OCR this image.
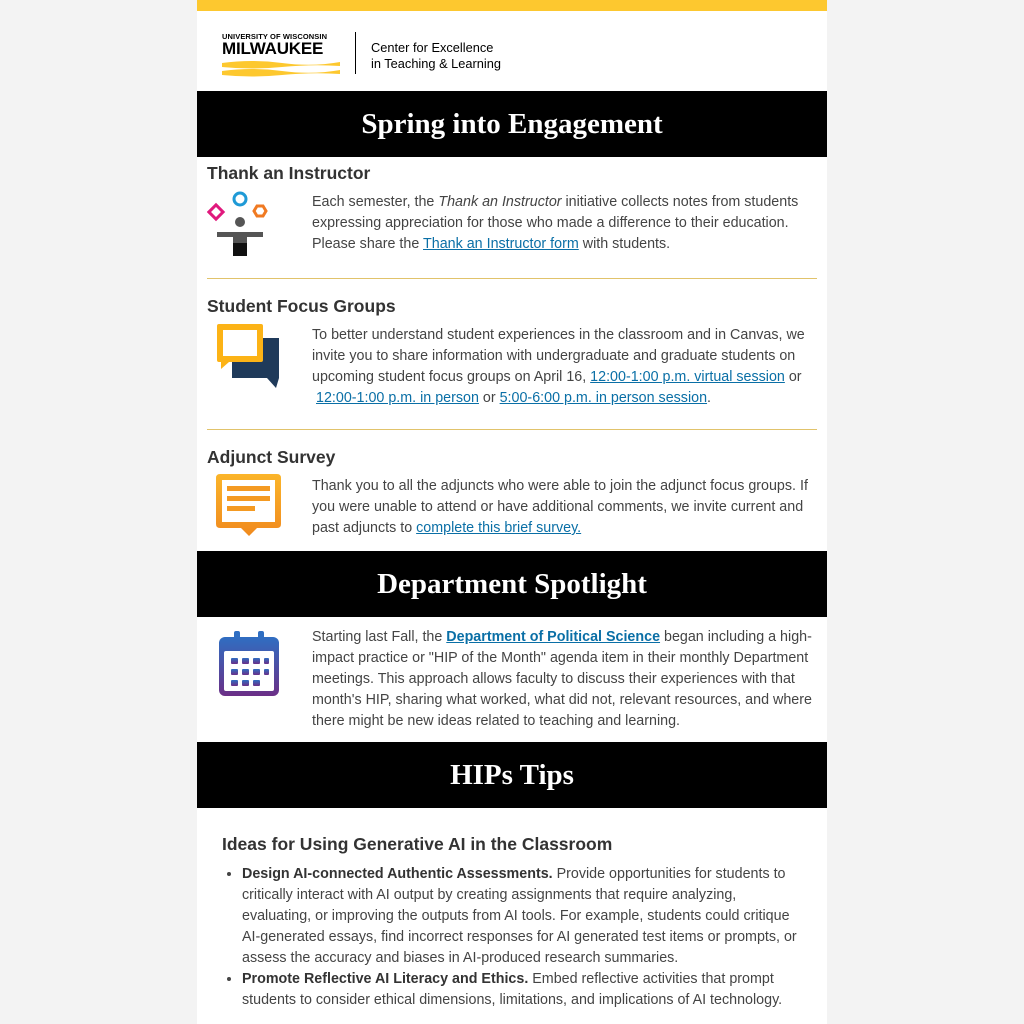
UNIVERSITY OF WISCONSIN
MILWAUKEE	Center for Excellence
in Teaching & Learning
Spring into Engagement
Thank an Instructor
Each semester, the Thank an Instructor initiative collects notes from students expressing appreciation for those who made a difference to their education. Please share the Thank an Instructor form with students.
Student Focus Groups
To better understand student experiences in the classroom and in Canvas, we invite you to share information with undergraduate and graduate students on upcoming student focus groups on April 16, 12:00-1:00 p.m. virtual session or 12:00-1:00 p.m. in person or 5:00-6:00 p.m. in person session.
Adjunct Survey
Thank you to all the adjuncts who were able to join the adjunct focus groups. If you were unable to attend or have additional comments, we invite current and past adjuncts to complete this brief survey.
Department Spotlight
Starting last Fall, the Department of Political Science began including a high-impact practice or "HIP of the Month" agenda item in their monthly Department meetings. This approach allows faculty to discuss their experiences with that month's HIP, sharing what worked, what did not, relevant resources, and where there might be new ideas related to teaching and learning.
HIPs Tips
Ideas for Using Generative AI in the Classroom
• Design AI-connected Authentic Assessments. Provide opportunities for students to critically interact with AI output by creating assignments that require analyzing, evaluating, or improving the outputs from AI tools. For example, students could critique AI-generated essays, find incorrect responses for AI generated test items or prompts, or assess the accuracy and biases in AI-produced research summaries.
• Promote Reflective AI Literacy and Ethics. Embed reflective activities that prompt students to consider ethical dimensions, limitations, and implications of AI technology.
